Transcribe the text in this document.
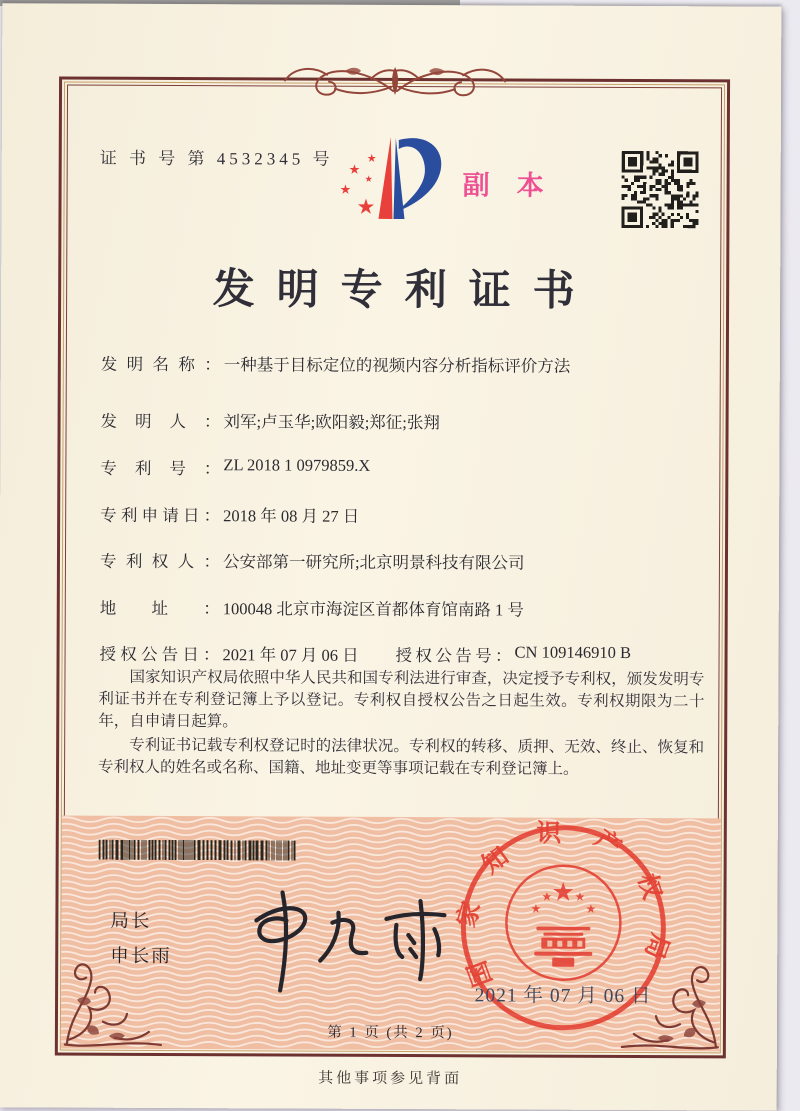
证 书 号 第 4532345 号	★
★
★
★
★
副本
发明专利证书
发明名称： 一种基于目标定位的视频内容分析指标评价方法
发明人： 刘军;卢玉华;欧阳毅;郑征;张翔
专利号： ZL 2018 1 0979859.X
专利申请日： 2018 年 08 月 27 日
专利权人： 公安部第一研究所;北京明景科技有限公司
地址： 100048 北京市海淀区首都体育馆南路 1 号
授权公告日： 2021 年 07 月 06 日 授权公告号： CN 109146910 B

国家知识产权局依照中华人民共和国专利法进行审查，决定授予专利权，颁发发明专利证书并在专利登记簿上予以登记。专利权自授权公告之日起生效。专利权期限为二十年，自申请日起算。

专利证书记载专利权登记时的法律状况。专利权的转移、质押、无效、终止、恢复和专利权人的姓名或名称、国籍、地址变更等事项记载在专利登记簿上。

局长
申长雨	国家知识产权局
★
★
★ ★
★
2021 年 07 月 06 日
第 1 页 (共 2 页)
其他事项参见背面
